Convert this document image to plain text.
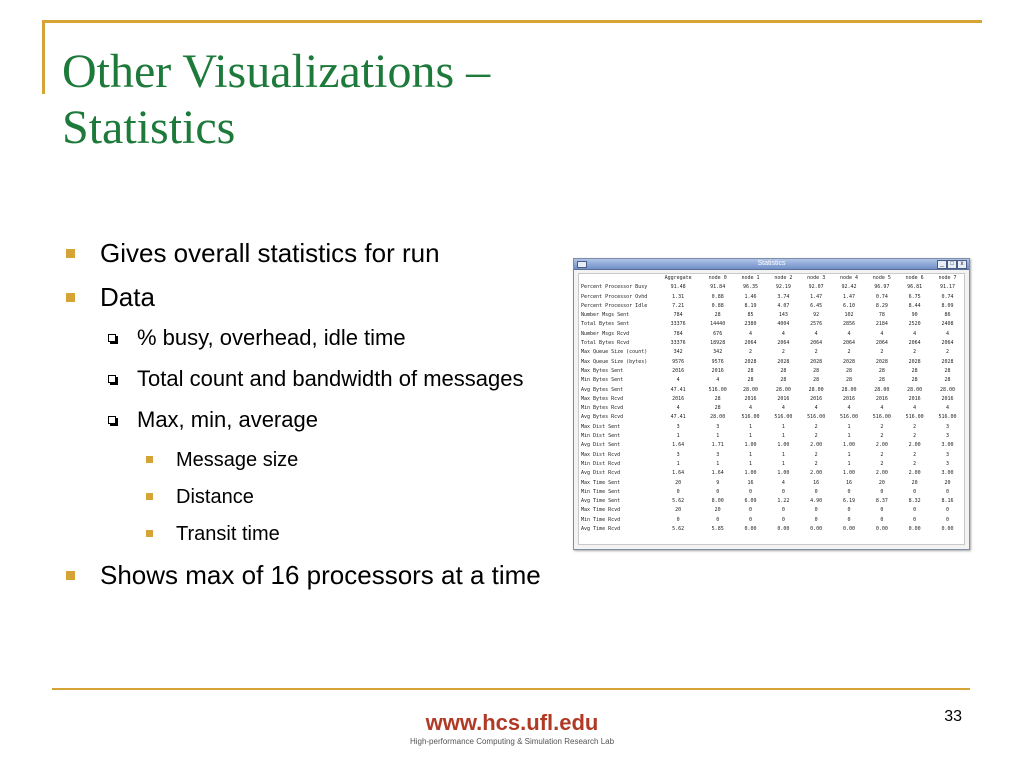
Other Visualizations –
Statistics
Gives overall statistics for run
Data
% busy, overhead, idle time
Total count and bandwidth of messages
Max, min, average
Message size
Distance
Transit time
Shows max of 16 processors at a time
Statistics	_	□	x
	Aggregate	node 0	node 1	node 2	node 3	node 4	node 5	node 6	node 7
Percent Processor Busy	91.48	91.84	96.35	92.19	92.07	92.42	96.97	96.81	91.17
Percent Processor Ovhd	1.31	0.88	1.46	3.74	1.47	1.47	0.74	6.75	0.74
Percent Processor Idle	7.21	0.88	8.19	4.07	6.45	6.10	8.29	8.44	8.09
Number Msgs Sent	784	28	85	143	92	102	78	90	86
Total Bytes Sent	33376	14440	2380	4004	2576	2856	2184	2520	2408
Number Msgs Rcvd	784	676	4	4	4	4	4	4	4
Total Bytes Rcvd	33376	18928	2064	2064	2064	2064	2064	2064	2064
Max Queue Size (count)	342	342	2	2	2	2	2	2	2
Max Queue Size (bytes)	9576	9576	2028	2028	2028	2028	2028	2028	2028
Max Bytes Sent	2016	2016	28	28	28	28	28	28	28
Min Bytes Sent	4	4	28	28	28	28	28	28	28
Avg Bytes Sent	47.41	516.00	28.00	28.00	28.00	28.00	28.00	28.00	28.00
Max Bytes Rcvd	2016	28	2016	2016	2016	2016	2016	2016	2016
Min Bytes Rcvd	4	28	4	4	4	4	4	4	4
Avg Bytes Rcvd	47.41	28.00	516.00	516.00	516.00	516.00	516.00	516.00	516.00
Max Dist Sent	3	3	1	1	2	1	2	2	3
Min Dist Sent	1	1	1	1	2	1	2	2	3
Avg Dist Sent	1.64	1.71	1.00	1.00	2.00	1.00	2.00	2.00	3.00
Max Dist Rcvd	3	3	1	1	2	1	2	2	3
Min Dist Rcvd	1	1	1	1	2	1	2	2	3
Avg Dist Rcvd	1.64	1.64	1.00	1.00	2.00	1.00	2.00	2.00	3.00
Max Time Sent	20	9	16	4	16	16	20	20	20
Min Time Sent	0	0	0	0	0	0	0	0	0
Avg Time Sent	5.62	8.00	6.09	1.22	4.90	6.19	8.37	8.32	8.16
Max Time Rcvd	20	20	0	0	0	0	0	0	0
Min Time Rcvd	0	0	0	0	0	0	0	0	0
Avg Time Rcvd	5.62	5.85	0.00	0.00	0.00	0.00	0.00	0.00	0.00
www.hcs.ufl.edu
High-performance Computing & Simulation Research Lab
33
